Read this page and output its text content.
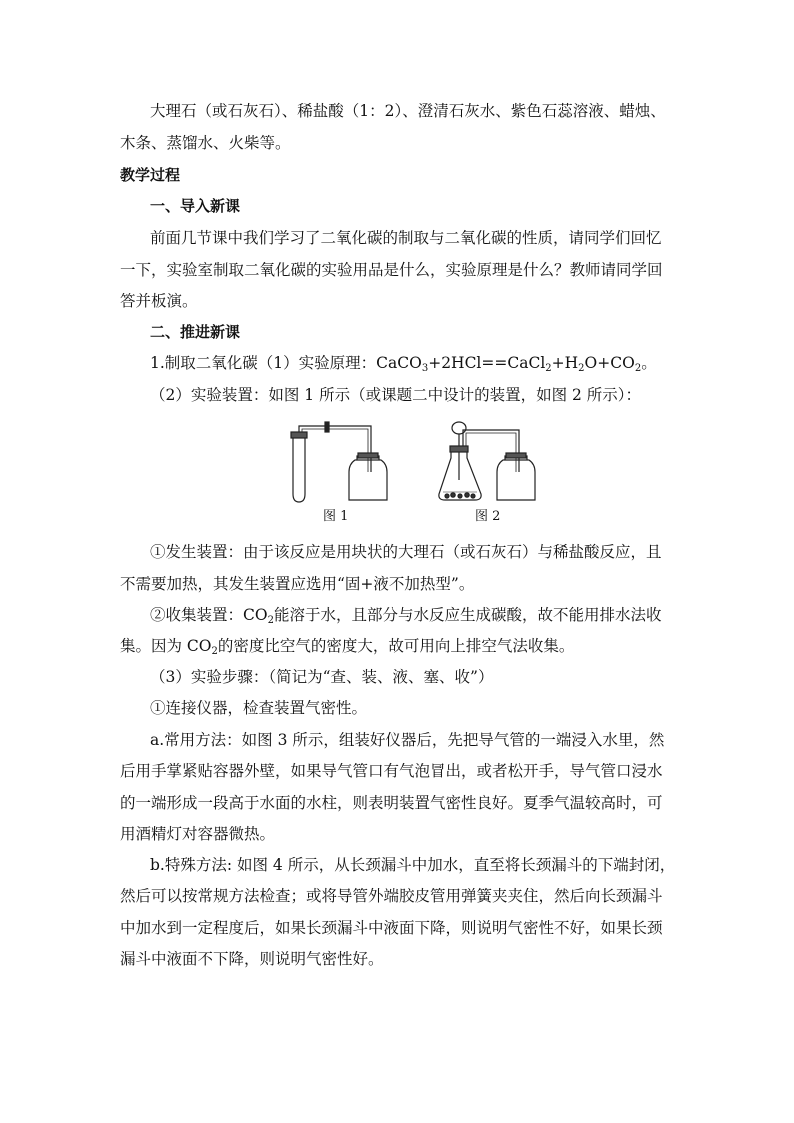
大理石（或石灰石）、稀盐酸（1：2）、澄清石灰水、紫色石蕊溶液、蜡烛、
木条、蒸馏水、火柴等。
教学过程
一、导入新课
前面几节课中我们学习了二氧化碳的制取与二氧化碳的性质，请同学们回忆
一下，实验室制取二氧化碳的实验用品是什么，实验原理是什么？教师请同学回
答并板演。
二、推进新课
1.制取二氧化碳（1）实验原理：$CaCO_3+2HCl==CaCl_2+H_2O+CO_2$。
（2）实验装置：如图 1 所示（或课题二中设计的装置，如图 2 所示）：
图 1	图 2
①发生装置：由于该反应是用块状的大理石（或石灰石）与稀盐酸反应，且
不需要加热，其发生装置应选用“固+液不加热型”。
②收集装置：$CO_2$能溶于水，且部分与水反应生成碳酸，故不能用排水法收
集。因为 $CO_2$的密度比空气的密度大，故可用向上排空气法收集。
（3）实验步骤：（简记为“查、装、液、塞、收”）
①连接仪器，检查装置气密性。
a.常用方法：如图 3 所示，组装好仪器后，先把导气管的一端浸入水里，然
后用手掌紧贴容器外壁，如果导气管口有气泡冒出，或者松开手，导气管口浸水
的一端形成一段高于水面的水柱，则表明装置气密性良好。夏季气温较高时，可
用酒精灯对容器微热。
b.特殊方法: 如图 4 所示，从长颈漏斗中加水，直至将长颈漏斗的下端封闭，
然后可以按常规方法检查；或将导管外端胶皮管用弹簧夹夹住，然后向长颈漏斗
中加水到一定程度后，如果长颈漏斗中液面下降，则说明气密性不好，如果长颈
漏斗中液面不下降，则说明气密性好。
